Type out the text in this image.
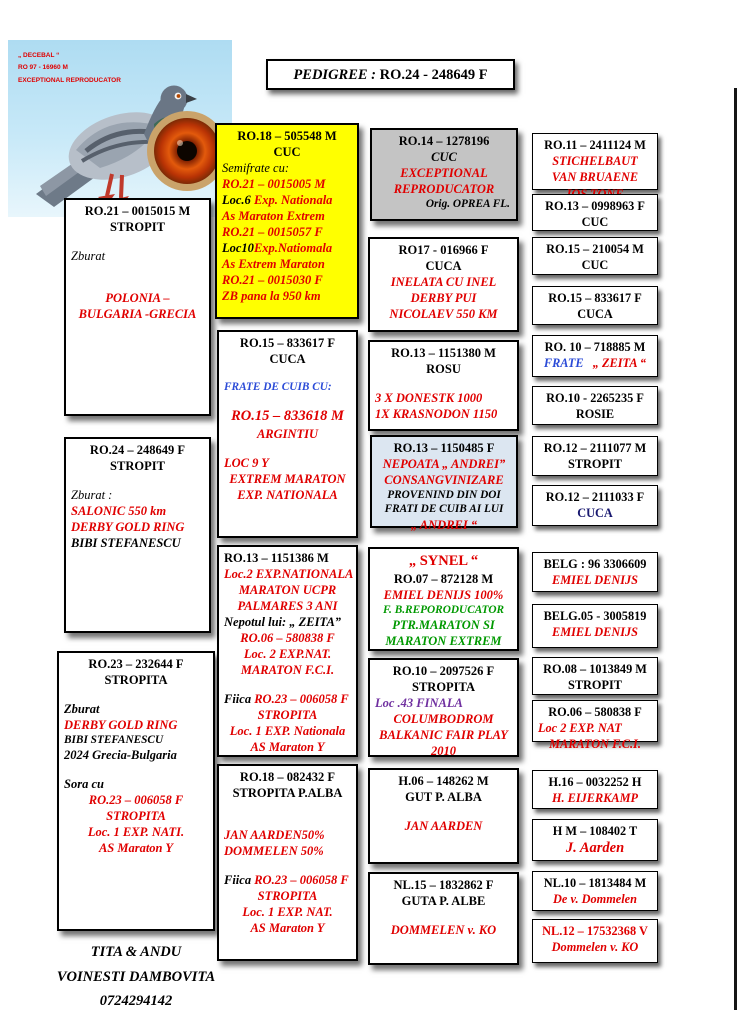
„ DECEBAL “
RO 97 - 16960 M
EXCEPTIONAL REPRODUCATOR	PEDIGREE : RO.24 - 248649 F
RO.21 – 0015015 M
STROPIT

Zburat

POLONIA –
BULGARIA -GRECIA
RO.24 – 248649 F
STROPIT

Zburat :
SALONIC 550 km
DERBY GOLD RING
BIBI STEFANESCU
RO.23 – 232644 F
STROPITA

Zburat
DERBY GOLD RING
BIBI STEFANESCU
2024 Grecia-Bulgaria

Sora cu
RO.23 – 006058 F
STROPITA
Loc. 1 EXP. NATI.
AS Maraton Y
TITA & ANDU
VOINESTI DAMBOVITA
0724294142
RO.18 – 505548 M
CUC
Semifrate cu:
RO.21 – 0015005 M
Loc.6 Exp. Nationala
As Maraton Extrem
RO.21 – 0015057 F
Loc10Exp.Natiomala
As Extrem Maraton
RO.21 – 0015030 F
ZB pana la 950 km
RO.15 – 833617 F
CUCA

FRATE DE CUIB CU:

RO.15 – 833618 M
ARGINTIU

LOC 9 Y
EXTREM MARATON
EXP. NATIONALA
RO.13 – 1151386 M
Loc.2 EXP.NATIONALA
MARATON UCPR
PALMARES 3 ANI
Nepotul lui: „ ZEITA”
RO.06 – 580838 F
Loc. 2 EXP.NAT.
MARATON F.C.I.

Fiica RO.23 – 006058 F
STROPITA
Loc. 1 EXP. Nationala
AS Maraton Y
RO.18 – 082432 F
STROPITA P.ALBA

JAN AARDEN50%
DOMMELEN 50%

Fiica RO.23 – 006058 F
STROPITA
Loc. 1 EXP. NAT.
AS Maraton Y
RO.14 – 1278196
CUC
EXCEPTIONAL
REPRODUCATOR
Orig. OPREA FL.
RO17 - 016966 F
CUCA
INELATA CU INEL
DERBY PUI
NICOLAEV 550 KM
RO.13 – 1151380 M
ROSU

3 X DONESTK 1000
1X KRASNODON 1150
RO.13 – 1150485 F
NEPOATA „ ANDREI”
CONSANGVINIZARE
PROVENIND DIN DOI
FRATI DE CUIB AI LUI
„ ANDREI “
„ SYNEL “
RO.07 – 872128 M
EMIEL DENIJS 100%
F. B.REPORODUCATOR
PTR.MARATON SI
MARATON EXTREM
RO.10 – 2097526 F
STROPITA
Loc .43 FINALA
COLUMBODROM
BALKANIC FAIR PLAY
2010
H.06 – 148262 M
GUT P. ALBA

JAN AARDEN
NL.15 – 1832862 F
GUTA P. ALBE

DOMMELEN v. KO
RO.11 – 2411124 M
STICHELBAUT
VAN BRUAENE
RO.13 – 0998963 F
CUC
RO.15 – 210054 M
CUC
RO.15 – 833617 F
CUCA
RO. 10 – 718885 M
FRATE   „ ZEITA “
RO.10 - 2265235 F
ROSIE
RO.12 – 2111077 M
STROPIT
RO.12 – 2111033 F
CUCA
BELG : 96 3306609
EMIEL DENIJS
BELG.05 - 3005819
EMIEL DENIJS
RO.08 – 1013849 M
STROPIT
RO.06 – 580838 F
Loc 2 EXP. NAT
MARATON F.C.I.
H.16 – 0032252 H
H. EIJERKAMP
H M – 108402 T
J. Aarden
NL.10 – 1813484 M
De v. Dommelen
NL.12 – 17532368 V
Dommelen v. KO
